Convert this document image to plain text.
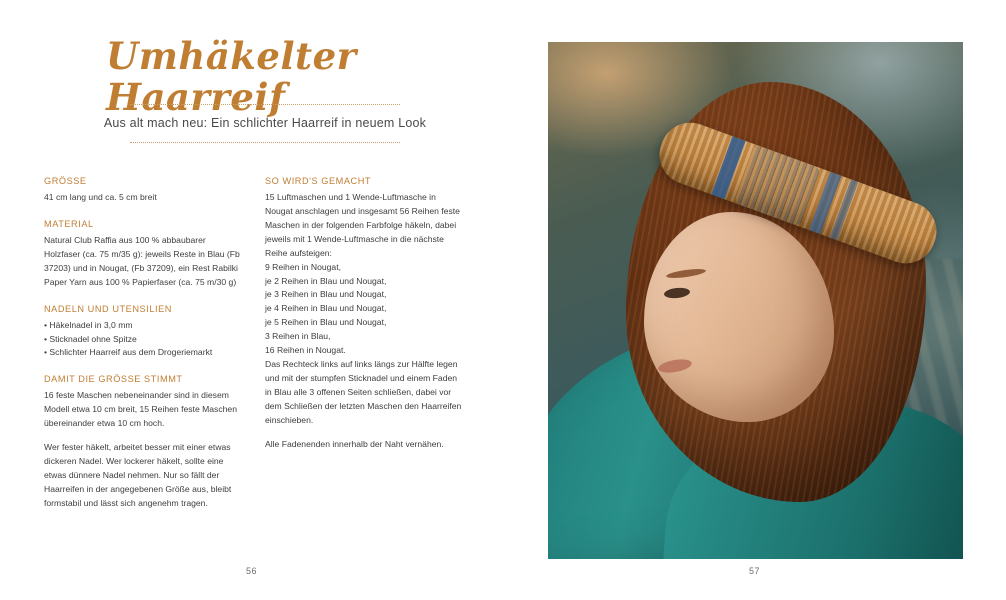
Umhäkelter Haarreif
Aus alt mach neu: Ein schlichter Haarreif in neuem Look

GRÖSSE

41 cm lang und ca. 5 cm breit

MATERIAL

Natural Club Raffia aus 100 % abbaubarer Holzfaser (ca. 75 m/35 g): jeweils Reste in Blau (Fb 37203) und in Nougat, (Fb 37209), ein Rest Rabilki Paper Yarn aus 100 % Papierfaser (ca. 75 m/30 g)

NADELN UND UTENSILIEN

• Häkelnadel in 3,0 mm
• Sticknadel ohne Spitze
• Schlichter Haarreif aus dem Drogeriemarkt

DAMIT DIE GRÖSSE STIMMT

16 feste Maschen nebeneinander sind in diesem Modell etwa 10 cm breit, 15 Reihen feste Maschen übereinander etwa 10 cm hoch.

Wer fester häkelt, arbeitet besser mit einer etwas dickeren Nadel. Wer lockerer häkelt, sollte eine etwas dünnere Nadel nehmen. Nur so fällt der Haarreifen in der angegebenen Größe aus, bleibt formstabil und lässt sich angenehm tragen.

SO WIRD'S GEMACHT

15 Luftmaschen und 1 Wende-Luftmasche in Nougat anschlagen und insgesamt 56 Reihen feste Maschen in der folgenden Farbfolge häkeln, dabei jeweils mit 1 Wende-Luftmasche in die nächste Reihe aufsteigen:

9 Reihen in Nougat,
je 2 Reihen in Blau und Nougat,
je 3 Reihen in Blau und Nougat,
je 4 Reihen in Blau und Nougat,
je 5 Reihen in Blau und Nougat,
3 Reihen in Blau,
16 Reihen in Nougat.

Das Rechteck links auf links längs zur Hälfte legen und mit der stumpfen Sticknadel und einem Faden in Blau alle 3 offenen Seiten schließen, dabei vor dem Schließen der letzten Maschen den Haarreifen einschieben.

Alle Fadenenden innerhalb der Naht vernähen.

56	57
